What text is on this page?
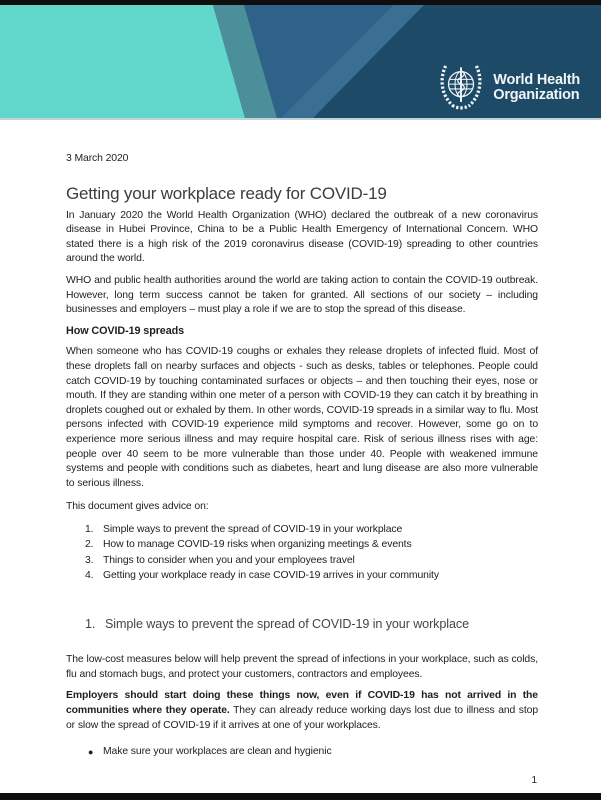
World Health
Organization
3 March 2020
Getting your workplace ready for COVID-19

In January 2020 the World Health Organization (WHO) declared the outbreak of a new coronavirus disease in Hubei Province, China to be a Public Health Emergency of International Concern. WHO stated there is a high risk of the 2019 coronavirus disease (COVID-19) spreading to other countries around the world.

WHO and public health authorities around the world are taking action to contain the COVID-19 outbreak. However, long term success cannot be taken for granted. All sections of our society – including businesses and employers – must play a role if we are to stop the spread of this disease.

How COVID-19 spreads

When someone who has COVID-19 coughs or exhales they release droplets of infected fluid. Most of these droplets fall on nearby surfaces and objects - such as desks, tables or telephones. People could catch COVID-19 by touching contaminated surfaces or objects – and then touching their eyes, nose or mouth. If they are standing within one meter of a person with COVID-19 they can catch it by breathing in droplets coughed out or exhaled by them. In other words, COVID-19 spreads in a similar way to flu. Most persons infected with COVID-19 experience mild symptoms and recover. However, some go on to experience more serious illness and may require hospital care. Risk of serious illness rises with age: people over 40 seem to be more vulnerable than those under 40. People with weakened immune systems and people with conditions such as diabetes, heart and lung disease are also more vulnerable to serious illness.

This document gives advice on:
1. Simple ways to prevent the spread of COVID-19 in your workplace
2. How to manage COVID-19 risks when organizing meetings & events
3. Things to consider when you and your employees travel
4. Getting your workplace ready in case COVID-19 arrives in your community
1. Simple ways to prevent the spread of COVID-19 in your workplace

The low-cost measures below will help prevent the spread of infections in your workplace, such as colds, flu and stomach bugs, and protect your customers, contractors and employees.

Employers should start doing these things now, even if COVID-19 has not arrived in the communities where they operate. They can already reduce working days lost due to illness and stop or slow the spread of COVID-19 if it arrives at one of your workplaces.

● Make sure your workplaces are clean and hygienic
1
